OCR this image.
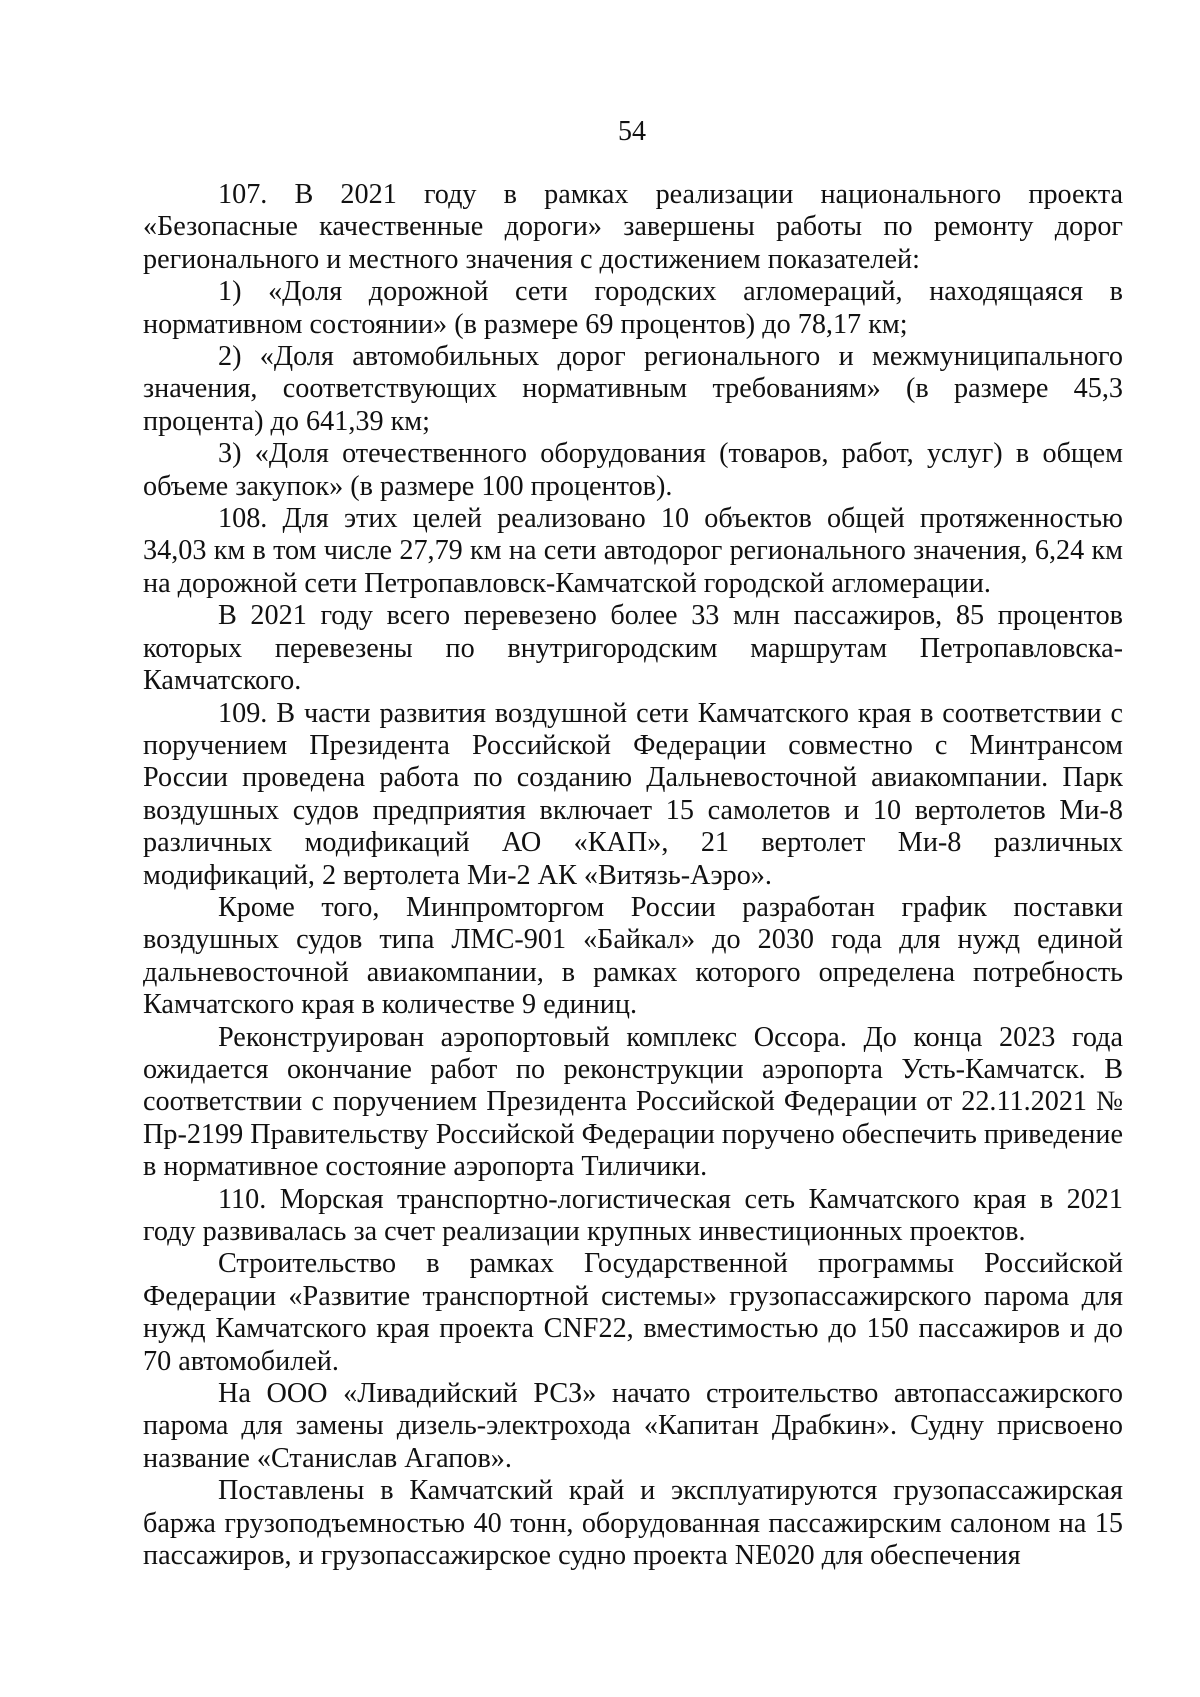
54

107. В 2021 году в рамках реализации национального проекта «Безопасные качественные дороги» завершены работы по ремонту дорог регионального и местного значения с достижением показателей:

1) «Доля дорожной сети городских агломераций, находящаяся в нормативном состоянии» (в размере 69 процентов) до 78,17 км;

2) «Доля автомобильных дорог регионального и межмуниципального значения, соответствующих нормативным требованиям» (в размере 45,3 процента) до 641,39 км;

3) «Доля отечественного оборудования (товаров, работ, услуг) в общем объеме закупок» (в размере 100 процентов).

108. Для этих целей реализовано 10 объектов общей протяженностью 34,03 км в том числе 27,79 км на сети автодорог регионального значения, 6,24 км на дорожной сети Петропавловск-Камчатской городской агломерации.

В 2021 году всего перевезено более 33 млн пассажиров, 85 процентов которых перевезены по внутригородским маршрутам Петропавловска-Камчатского.

109. В части развития воздушной сети Камчатского края в соответствии с поручением Президента Российской Федерации совместно с Минтрансом России проведена работа по созданию Дальневосточной авиакомпании. Парк воздушных судов предприятия включает 15 самолетов и 10 вертолетов Ми-8 различных модификаций АО «КАП», 21 вертолет Ми-8 различных модификаций, 2 вертолета Ми-2 АК «Витязь-Аэро».

Кроме того, Минпромторгом России разработан график поставки воздушных судов типа ЛМС-901 «Байкал» до 2030 года для нужд единой дальневосточной авиакомпании, в рамках которого определена потребность Камчатского края в количестве 9 единиц.

Реконструирован аэропортовый комплекс Оссора. До конца 2023 года ожидается окончание работ по реконструкции аэропорта Усть-Камчатск. В соответствии с поручением Президента Российской Федерации от 22.11.2021 № Пр-2199 Правительству Российской Федерации поручено обеспечить приведение в нормативное состояние аэропорта Тиличики.

110. Морская транспортно-логистическая сеть Камчатского края в 2021 году развивалась за счет реализации крупных инвестиционных проектов.

Строительство в рамках Государственной программы Российской Федерации «Развитие транспортной системы» грузопассажирского парома для нужд Камчатского края проекта CNF22, вместимостью до 150 пассажиров и до 70 автомобилей.

На ООО «Ливадийский РСЗ» начато строительство автопассажирского парома для замены дизель-электрохода «Капитан Драбкин». Судну присвоено название «Станислав Агапов».

Поставлены в Камчатский край и эксплуатируются грузопассажирская баржа грузоподъемностью 40 тонн, оборудованная пассажирским салоном на 15 пассажиров, и грузопассажирское судно проекта NE020 для обеспечения
